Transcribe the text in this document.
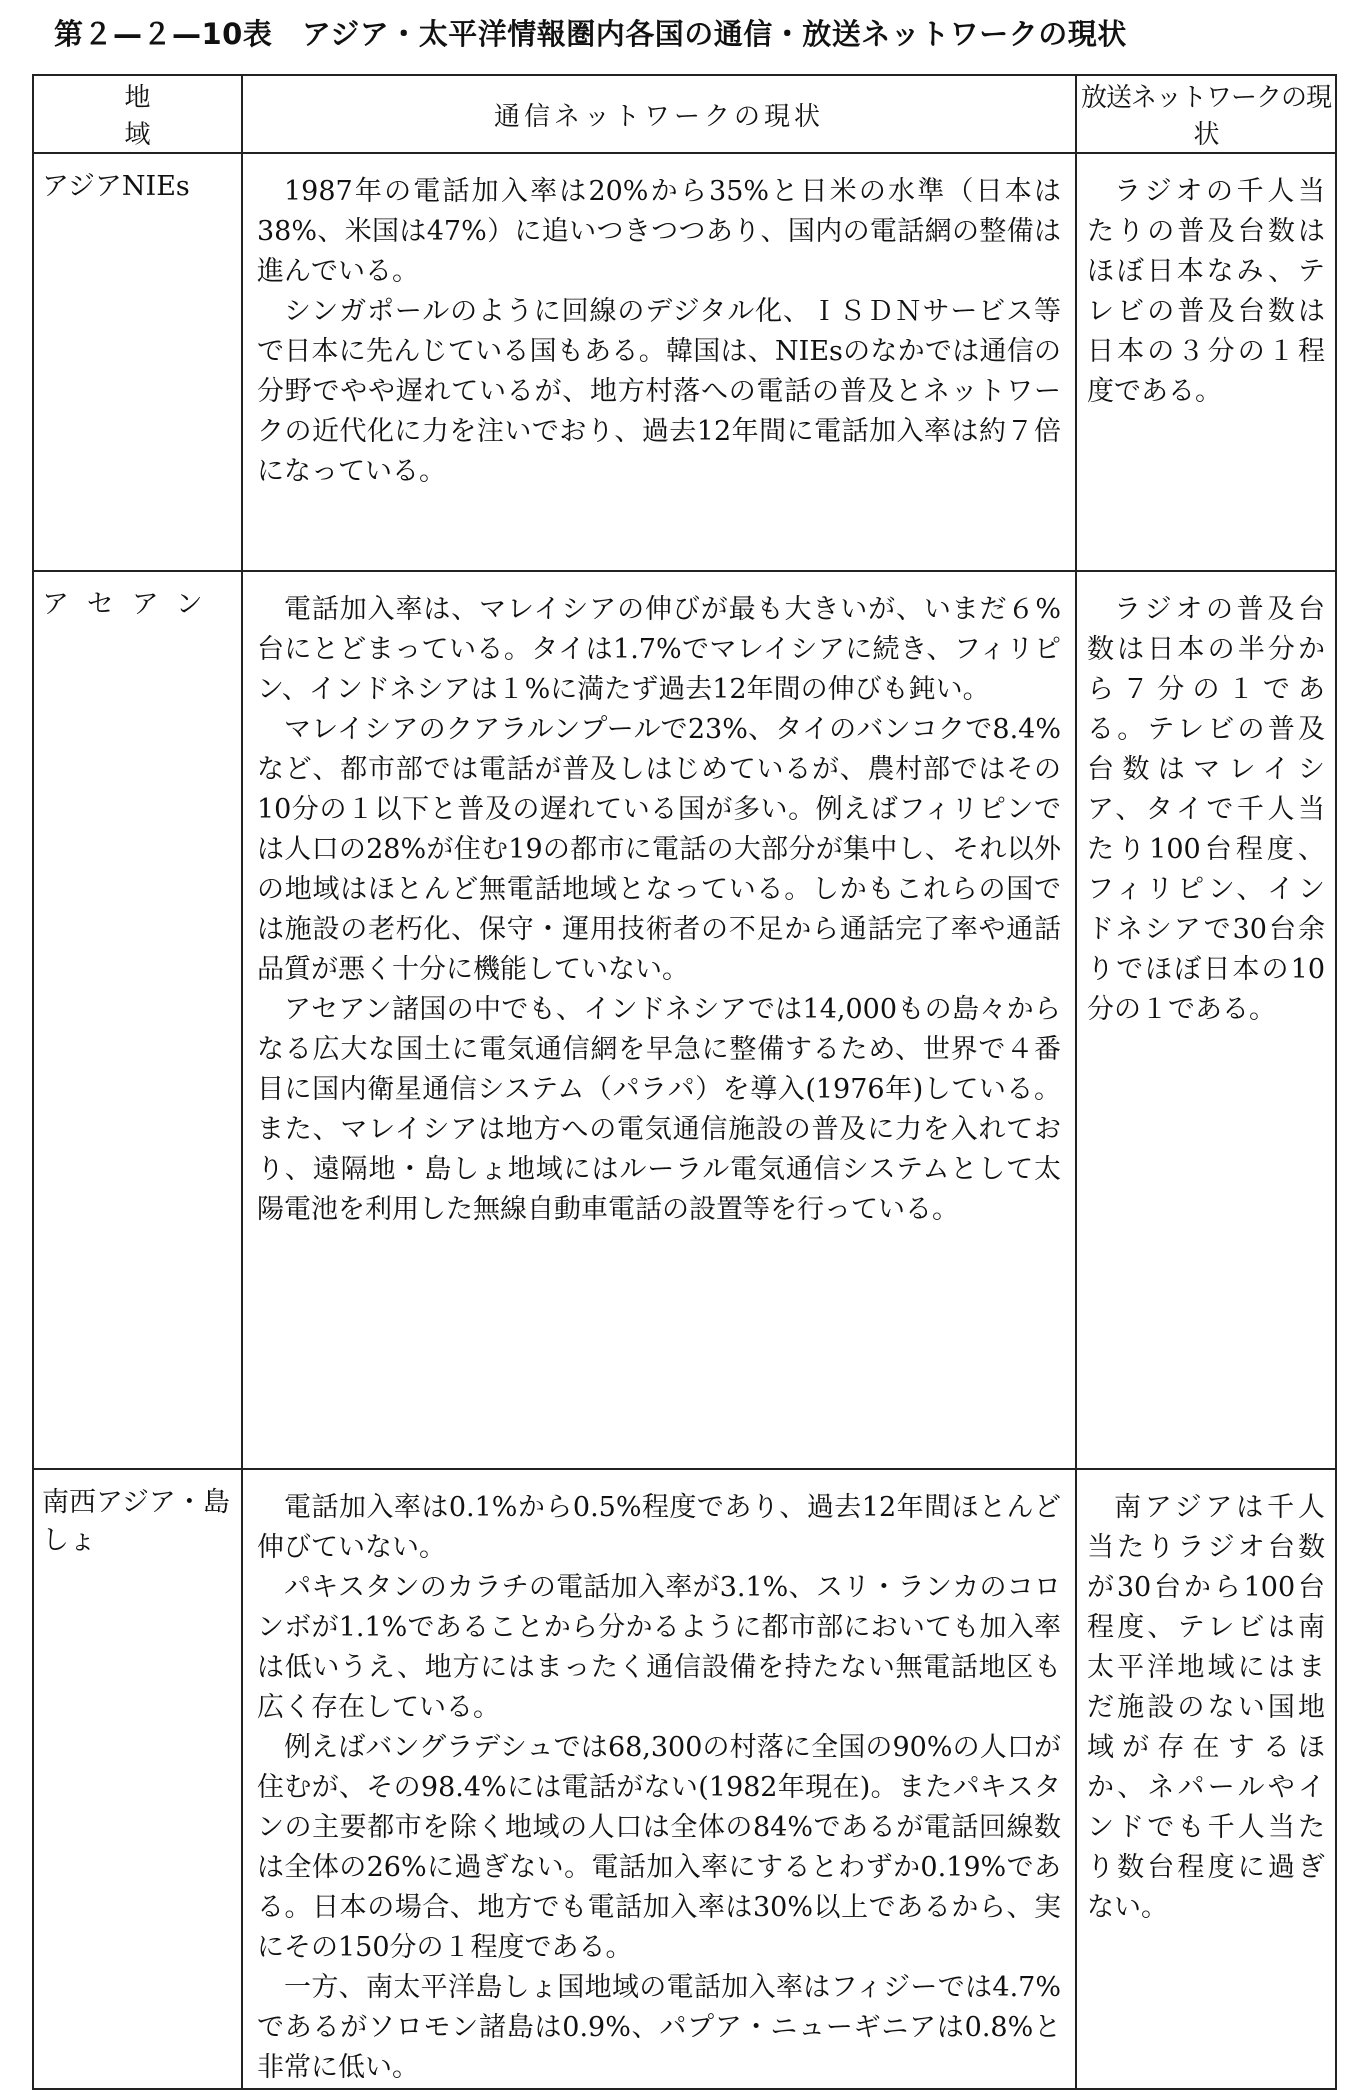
第２—２—10表　アジア・太平洋情報圏内各国の通信・放送ネットワークの現状
地　域	通信ネットワークの現状	放送ネットワークの現状
アジアNIEs	1987年の電話加入率は20%から35%と日米の水準（日本は38%、米国は47%）に追いつきつつあり、国内の電話網の整備は進んでいる。

シンガポールのように回線のデジタル化、ＩＳＤＮサービス等で日本に先んじている国もある。韓国は、NIEsのなかでは通信の分野でやや遅れているが、地方村落への電話の普及とネットワークの近代化に力を注いでおり、過去12年間に電話加入率は約７倍になっている。	ラジオの千人当たりの普及台数はほぼ日本なみ、テレビの普及台数は日本の３分の１程度である。

アセアン	電話加入率は、マレイシアの伸びが最も大きいが、いまだ６%台にとどまっている。タイは1.7%でマレイシアに続き、フィリピン、インドネシアは１%に満たず過去12年間の伸びも鈍い。

マレイシアのクアラルンプールで23%、タイのバンコクで8.4%など、都市部では電話が普及しはじめているが、農村部ではその10分の１以下と普及の遅れている国が多い。例えばフィリピンでは人口の28%が住む19の都市に電話の大部分が集中し、それ以外の地域はほとんど無電話地域となっている。しかもこれらの国では施設の老朽化、保守・運用技術者の不足から通話完了率や通話品質が悪く十分に機能していない。

アセアン諸国の中でも、インドネシアでは14,000もの島々からなる広大な国土に電気通信網を早急に整備するため、世界で４番目に国内衛星通信システム（パラパ）を導入(1976年)している。また、マレイシアは地方への電気通信施設の普及に力を入れており、遠隔地・島しょ地域にはルーラル電気通信システムとして太陽電池を利用した無線自動車電話の設置等を行っている。	ラジオの普及台数は日本の半分から７分の１である。テレビの普及台数はマレイシア、タイで千人当たり100台程度、フィリピン、インドネシアで30台余りでほぼ日本の10分の１である。

南西アジア・島しょ	電話加入率は0.1%から0.5%程度であり、過去12年間ほとんど伸びていない。

パキスタンのカラチの電話加入率が3.1%、スリ・ランカのコロンボが1.1%であることから分かるように都市部においても加入率は低いうえ、地方にはまったく通信設備を持たない無電話地区も広く存在している。

例えばバングラデシュでは68,300の村落に全国の90%の人口が住むが、その98.4%には電話がない(1982年現在)。またパキスタンの主要都市を除く地域の人口は全体の84%であるが電話回線数は全体の26%に過ぎない。電話加入率にするとわずか0.19%である。日本の場合、地方でも電話加入率は30%以上であるから、実にその150分の１程度である。

一方、南太平洋島しょ国地域の電話加入率はフィジーでは4.7%であるがソロモン諸島は0.9%、パプア・ニューギニアは0.8%と非常に低い。	南アジアは千人当たりラジオ台数が30台から100台程度、テレビは南太平洋地域にはまだ施設のない国地域が存在するほか、ネパールやインドでも千人当たり数台程度に過ぎない。
